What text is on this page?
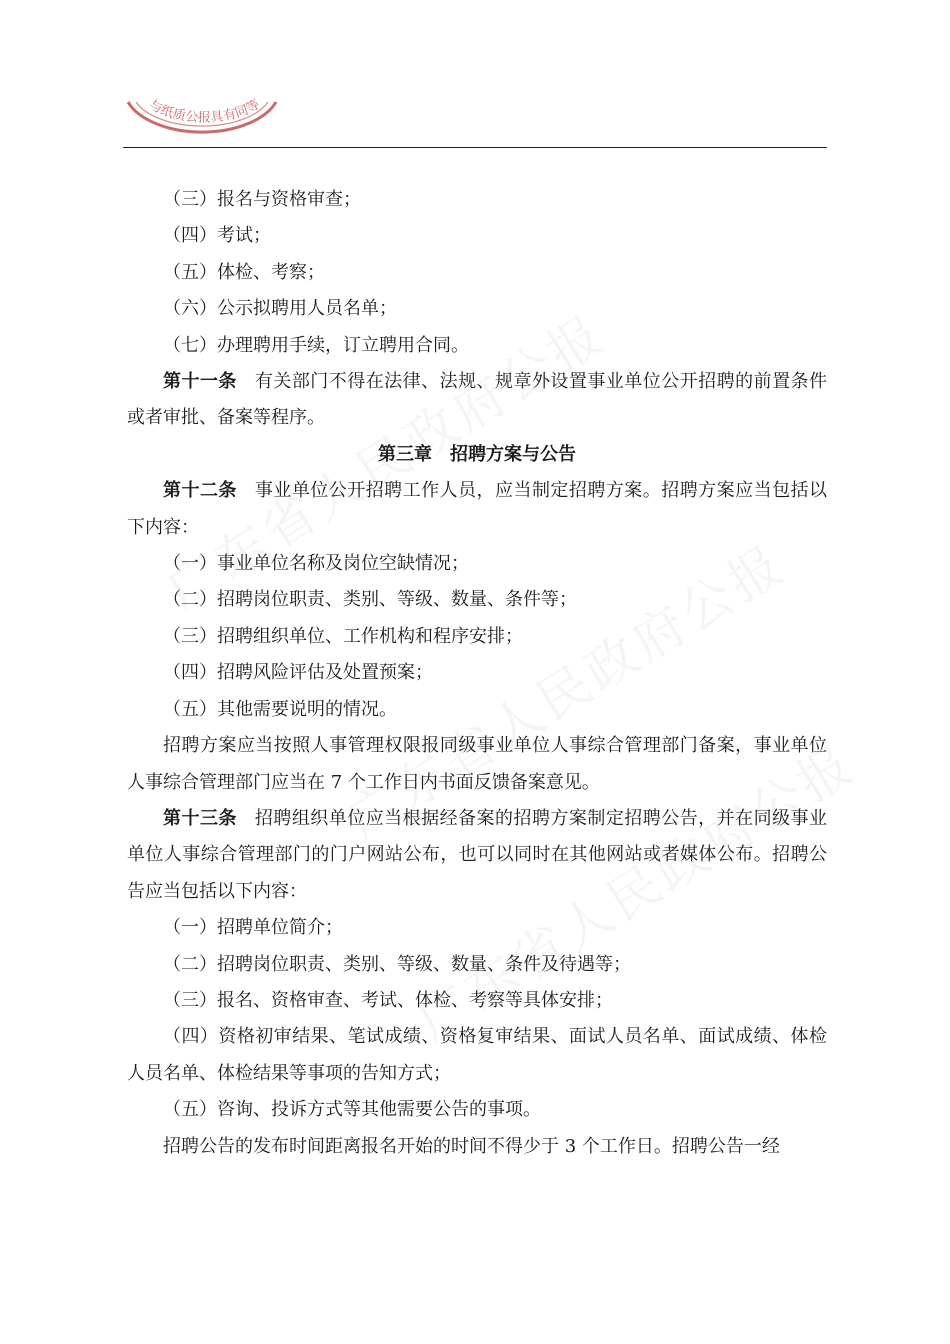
与纸质公报具有同等

（三）报名与资格审查；

（四）考试；

（五）体检、考察；

（六）公示拟聘用人员名单；

（七）办理聘用手续，订立聘用合同。

第十一条 有关部门不得在法律、法规、规章外设置事业单位公开招聘的前置条件或者审批、备案等程序。

第三章 招聘方案与公告

第十二条 事业单位公开招聘工作人员，应当制定招聘方案。招聘方案应当包括以下内容：

（一）事业单位名称及岗位空缺情况；

（二）招聘岗位职责、类别、等级、数量、条件等；

（三）招聘组织单位、工作机构和程序安排；

（四）招聘风险评估及处置预案；

（五）其他需要说明的情况。

招聘方案应当按照人事管理权限报同级事业单位人事综合管理部门备案，事业单位人事综合管理部门应当在 7 个工作日内书面反馈备案意见。

第十三条 招聘组织单位应当根据经备案的招聘方案制定招聘公告，并在同级事业单位人事综合管理部门的门户网站公布，也可以同时在其他网站或者媒体公布。招聘公告应当包括以下内容：

（一）招聘单位简介；

（二）招聘岗位职责、类别、等级、数量、条件及待遇等；

（三）报名、资格审查、考试、体检、考察等具体安排；

（四）资格初审结果、笔试成绩、资格复审结果、面试人员名单、面试成绩、体检人员名单、体检结果等事项的告知方式；

（五）咨询、投诉方式等其他需要公告的事项。

招聘公告的发布时间距离报名开始的时间不得少于 3 个工作日。招聘公告一经
